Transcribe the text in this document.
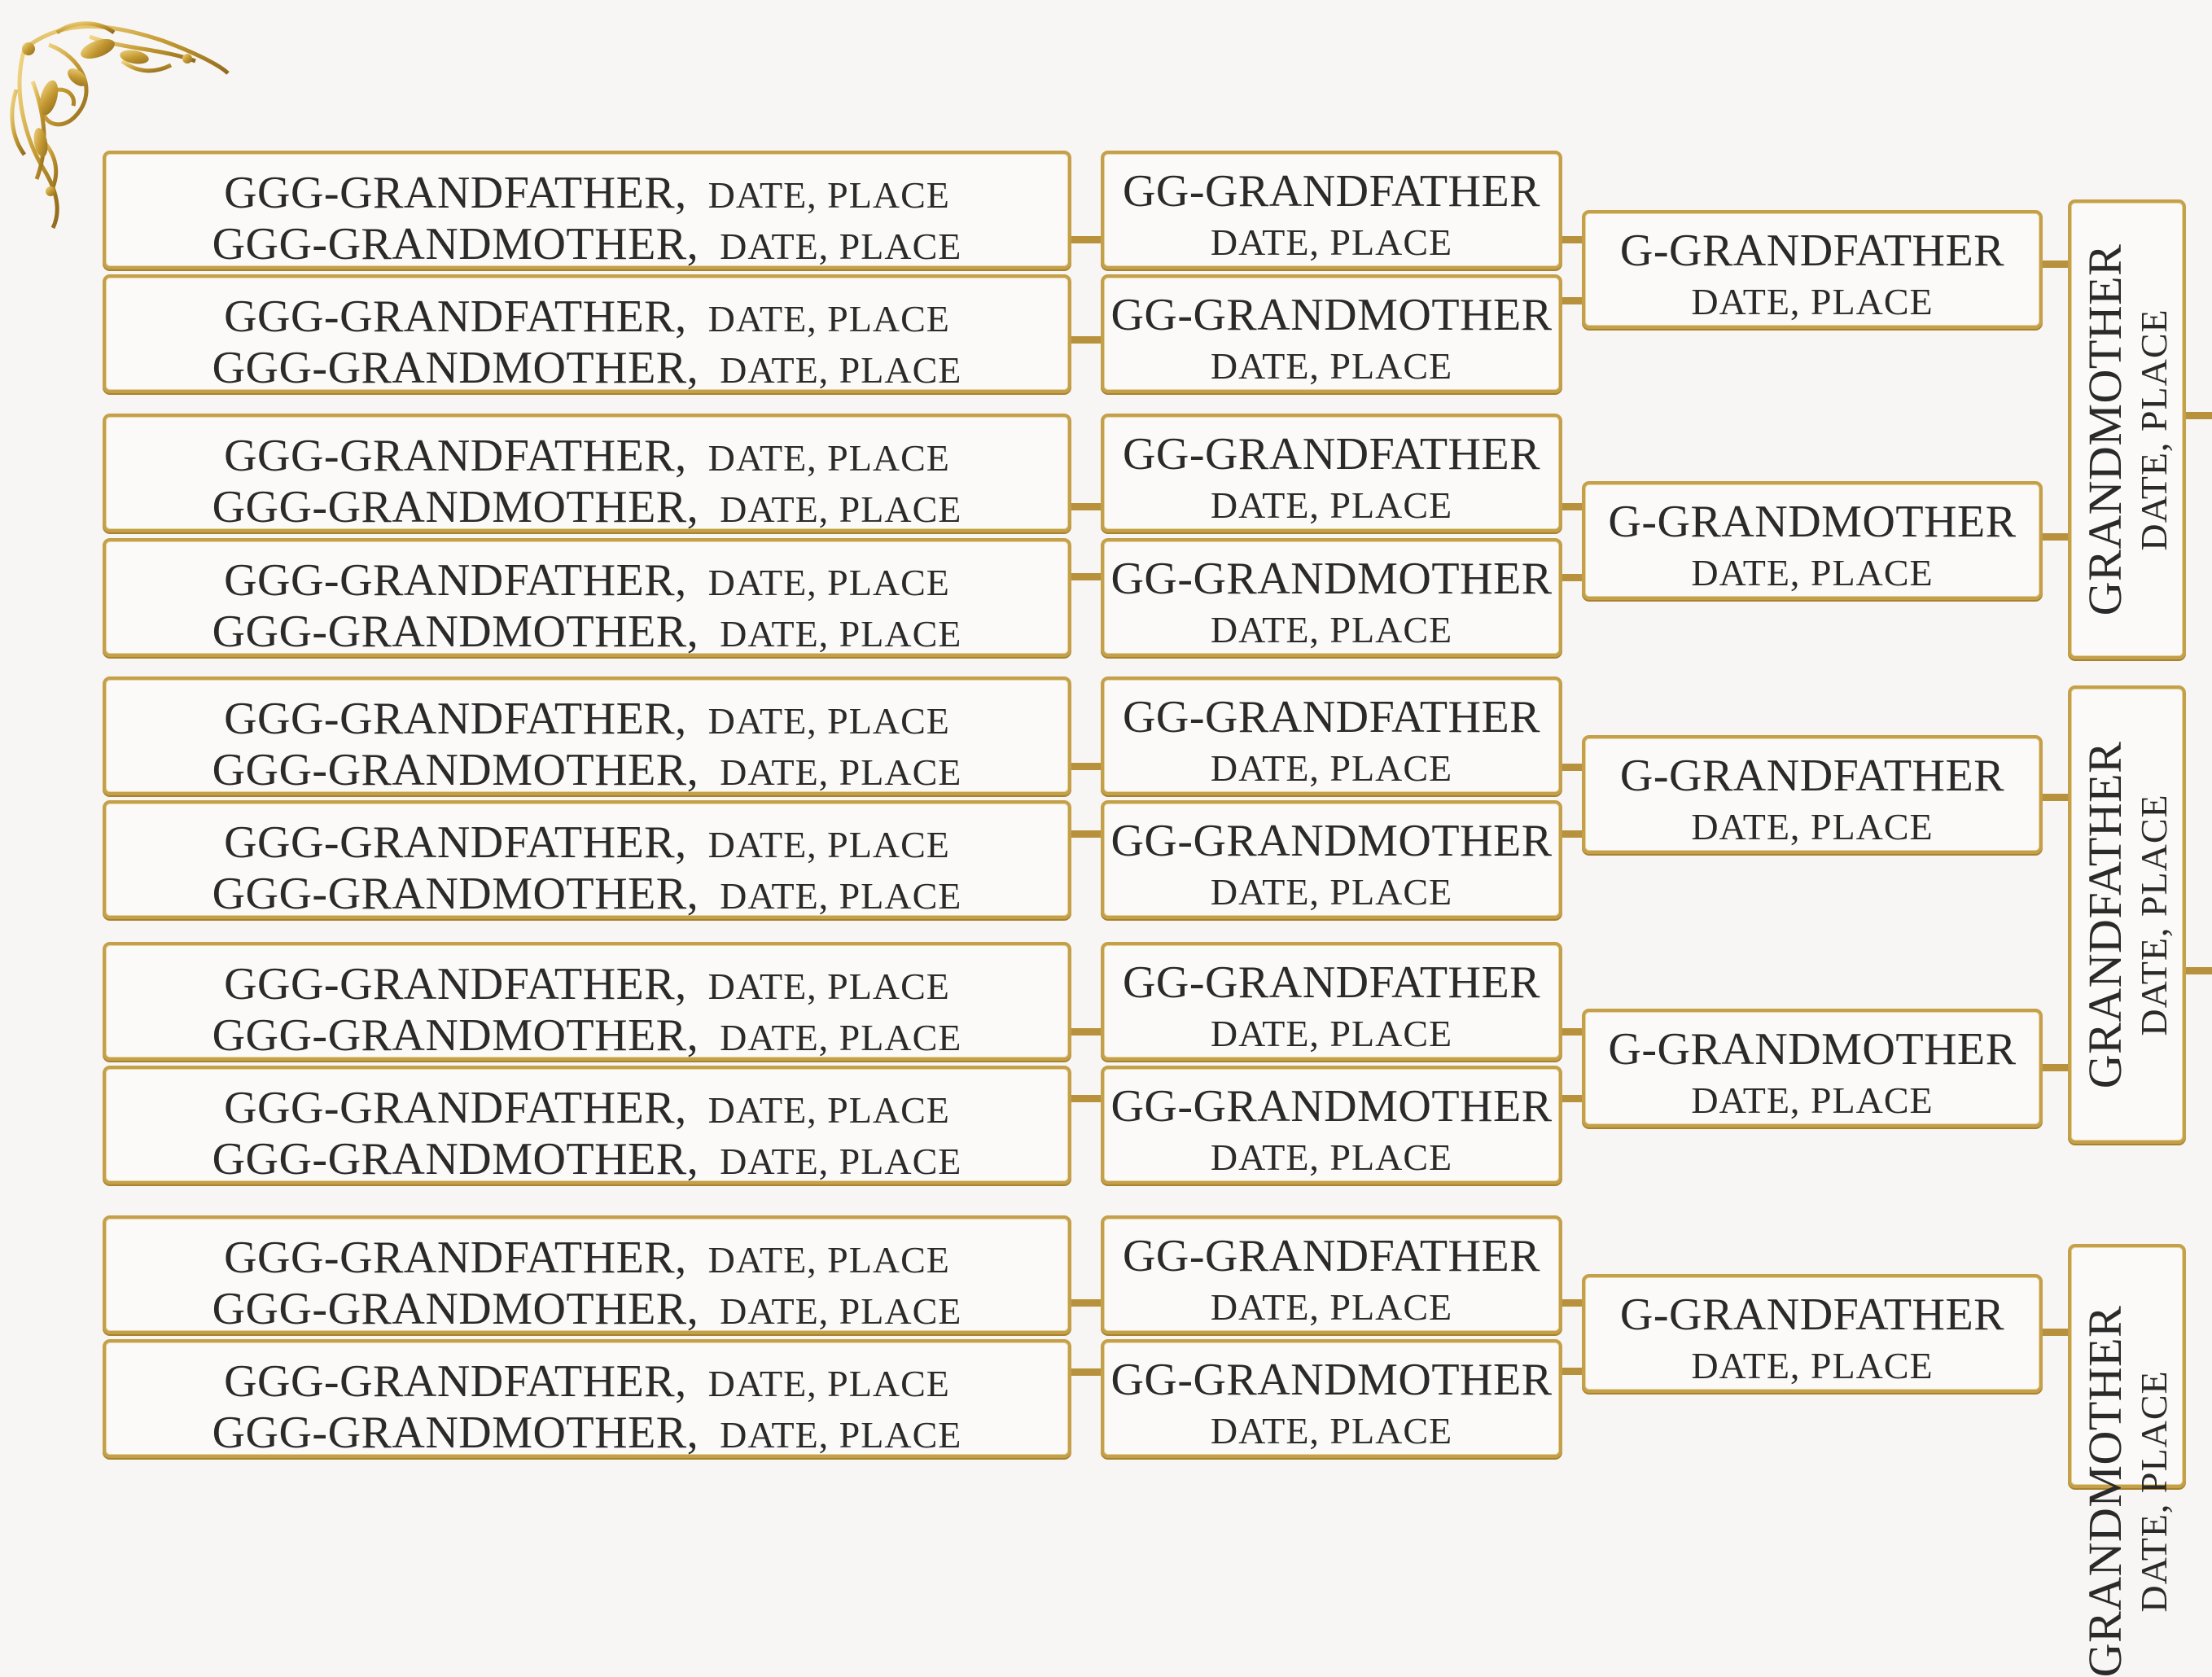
GGG-GRANDFATHER, DATE, PLACE
GGG-GRANDMOTHER, DATE, PLACE
GGG-GRANDFATHER, DATE, PLACE
GGG-GRANDMOTHER, DATE, PLACE
GGG-GRANDFATHER, DATE, PLACE
GGG-GRANDMOTHER, DATE, PLACE
GGG-GRANDFATHER, DATE, PLACE
GGG-GRANDMOTHER, DATE, PLACE
GGG-GRANDFATHER, DATE, PLACE
GGG-GRANDMOTHER, DATE, PLACE
GGG-GRANDFATHER, DATE, PLACE
GGG-GRANDMOTHER, DATE, PLACE
GGG-GRANDFATHER, DATE, PLACE
GGG-GRANDMOTHER, DATE, PLACE
GGG-GRANDFATHER, DATE, PLACE
GGG-GRANDMOTHER, DATE, PLACE
GGG-GRANDFATHER, DATE, PLACE
GGG-GRANDMOTHER, DATE, PLACE
GGG-GRANDFATHER, DATE, PLACE
GGG-GRANDMOTHER, DATE, PLACE
GG-GRANDFATHER
DATE, PLACE
GG-GRANDMOTHER
DATE, PLACE
GG-GRANDFATHER
DATE, PLACE
GG-GRANDMOTHER
DATE, PLACE
GG-GRANDFATHER
DATE, PLACE
GG-GRANDMOTHER
DATE, PLACE
GG-GRANDFATHER
DATE, PLACE
GG-GRANDMOTHER
DATE, PLACE
GG-GRANDFATHER
DATE, PLACE
GG-GRANDMOTHER
DATE, PLACE
G-GRANDFATHER
DATE, PLACE
G-GRANDMOTHER
DATE, PLACE
G-GRANDFATHER
DATE, PLACE
G-GRANDMOTHER
DATE, PLACE
G-GRANDFATHER
DATE, PLACE
GRANDMOTHER DATE, PLACE
GRANDFATHER DATE, PLACE
GRANDMOTHER DATE, PLACE
